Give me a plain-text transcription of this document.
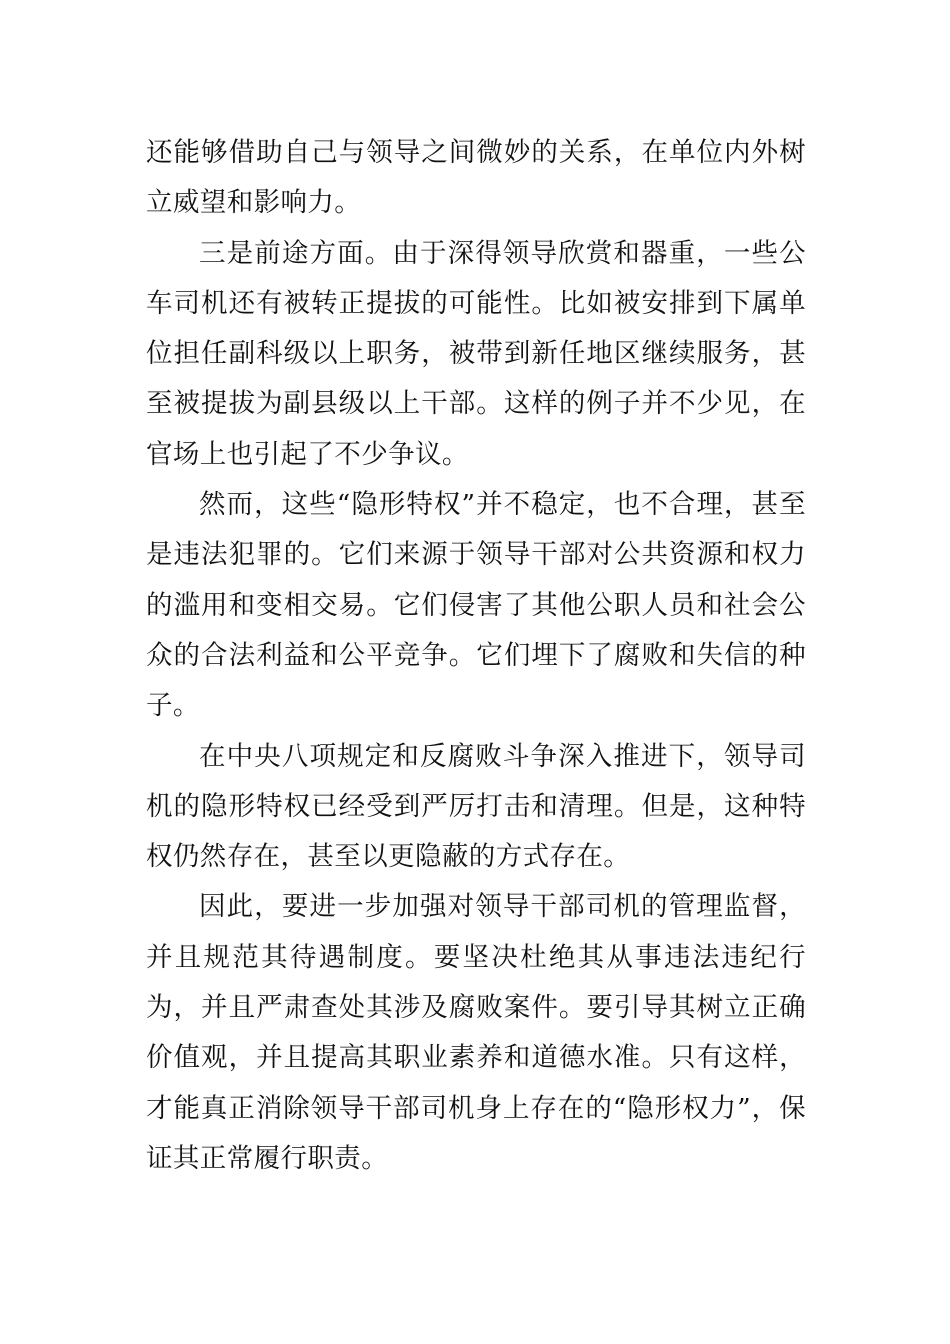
还能够借助自己与领导之间微妙的关系，在单位内外树立威望和影响力。

三是前途方面。由于深得领导欣赏和器重，一些公车司机还有被转正提拔的可能性。比如被安排到下属单位担任副科级以上职务，被带到新任地区继续服务，甚至被提拔为副县级以上干部。这样的例子并不少见，在官场上也引起了不少争议。

然而，这些“隐形特权”并不稳定，也不合理，甚至是违法犯罪的。它们来源于领导干部对公共资源和权力的滥用和变相交易。它们侵害了其他公职人员和社会公众的合法利益和公平竞争。它们埋下了腐败和失信的种子。

在中央八项规定和反腐败斗争深入推进下，领导司机的隐形特权已经受到严厉打击和清理。但是，这种特权仍然存在，甚至以更隐蔽的方式存在。

因此，要进一步加强对领导干部司机的管理监督，并且规范其待遇制度。要坚决杜绝其从事违法违纪行为，并且严肃查处其涉及腐败案件。要引导其树立正确价值观，并且提高其职业素养和道德水准。只有这样，才能真正消除领导干部司机身上存在的“隐形权力”，保证其正常履行职责。
